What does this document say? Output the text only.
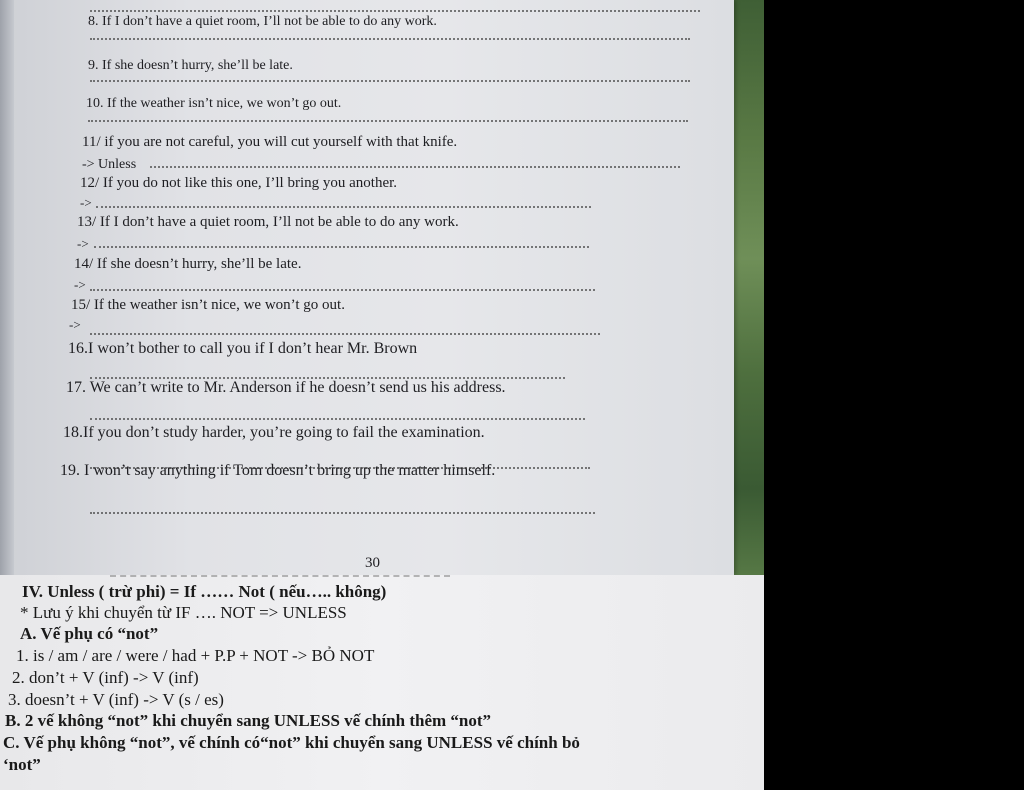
8. If I don’t have a quiet room, I’ll not be able to do any work.
9. If she doesn’t hurry, she’ll be late.
10. If the weather isn’t nice, we won’t go out.
11/ if you are not careful, you will cut yourself with that knife.
-> Unless
12/ If you do not like this one, I’ll bring you another.
->
13/ If I don’t have a quiet room, I’ll not be able to do any work.
->
14/ If she doesn’t hurry, she’ll be late.
->
15/ If the weather isn’t nice, we won’t go out.
->
16.I won’t bother to call you if I don’t hear Mr. Brown
17. We can’t write to Mr. Anderson if he doesn’t send us his address.
18.If you don’t study harder, you’re going to fail the examination.
19. I won’t say anything if Tom doesn’t bring up the matter himself.
30
IV. Unless ( trừ phi) = If …… Not ( nếu….. không)
* Lưu ý khi chuyển từ IF …. NOT => UNLESS
A. Vế phụ có “not”
1. is / am / are / were / had + P.P + NOT -> BỎ NOT
2. don’t + V (inf) -> V (inf)
3. doesn’t + V (inf) -> V (s / es)
B. 2 vế không “not” khi chuyển sang UNLESS vế chính thêm “not”
C. Vế phụ không “not”, vế chính có“not” khi chuyển sang UNLESS vế chính bỏ
‘not”
